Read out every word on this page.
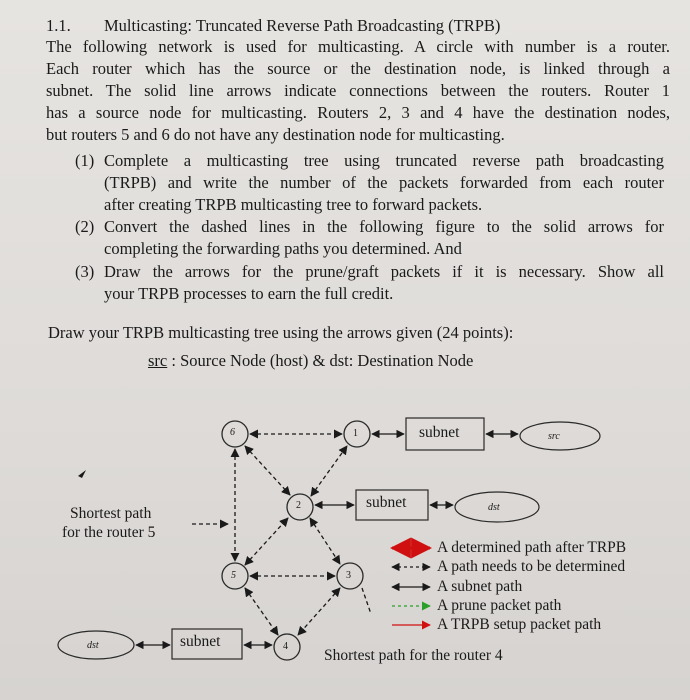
1.1. Multicasting: Truncated Reverse Path Broadcasting (TRPB)
The following network is used for multicasting. A circle with number is a router.
Each router which has the source or the destination node, is linked through a
subnet. The solid line arrows indicate connections between the routers. Router 1
has a source node for multicasting. Routers 2, 3 and 4 have the destination nodes,
but routers 5 and 6 do not have any destination node for multicasting.
(1) Complete a multicasting tree using truncated reverse path broadcasting
(TRPB) and write the number of the packets forwarded from each router
after creating TRPB multicasting tree to forward packets.
(2) Convert the dashed lines in the following figure to the solid arrows for
completing the forwarding paths you determined. And
(3) Draw the arrows for the prune/graft packets if it is necessary. Show all
your TRPB processes to earn the full credit.
Draw your TRPB multicasting tree using the arrows given (24 points):
src : Source Node (host) & dst: Destination Node
6	1
2
5	3
4
subnet
subnet
subnet
src
dst
dst
Shortest path
for the router 5
Shortest path for the router 4
A determined path after TRPB
A path needs to be determined
A subnet path
A prune packet path
A TRPB setup packet path
